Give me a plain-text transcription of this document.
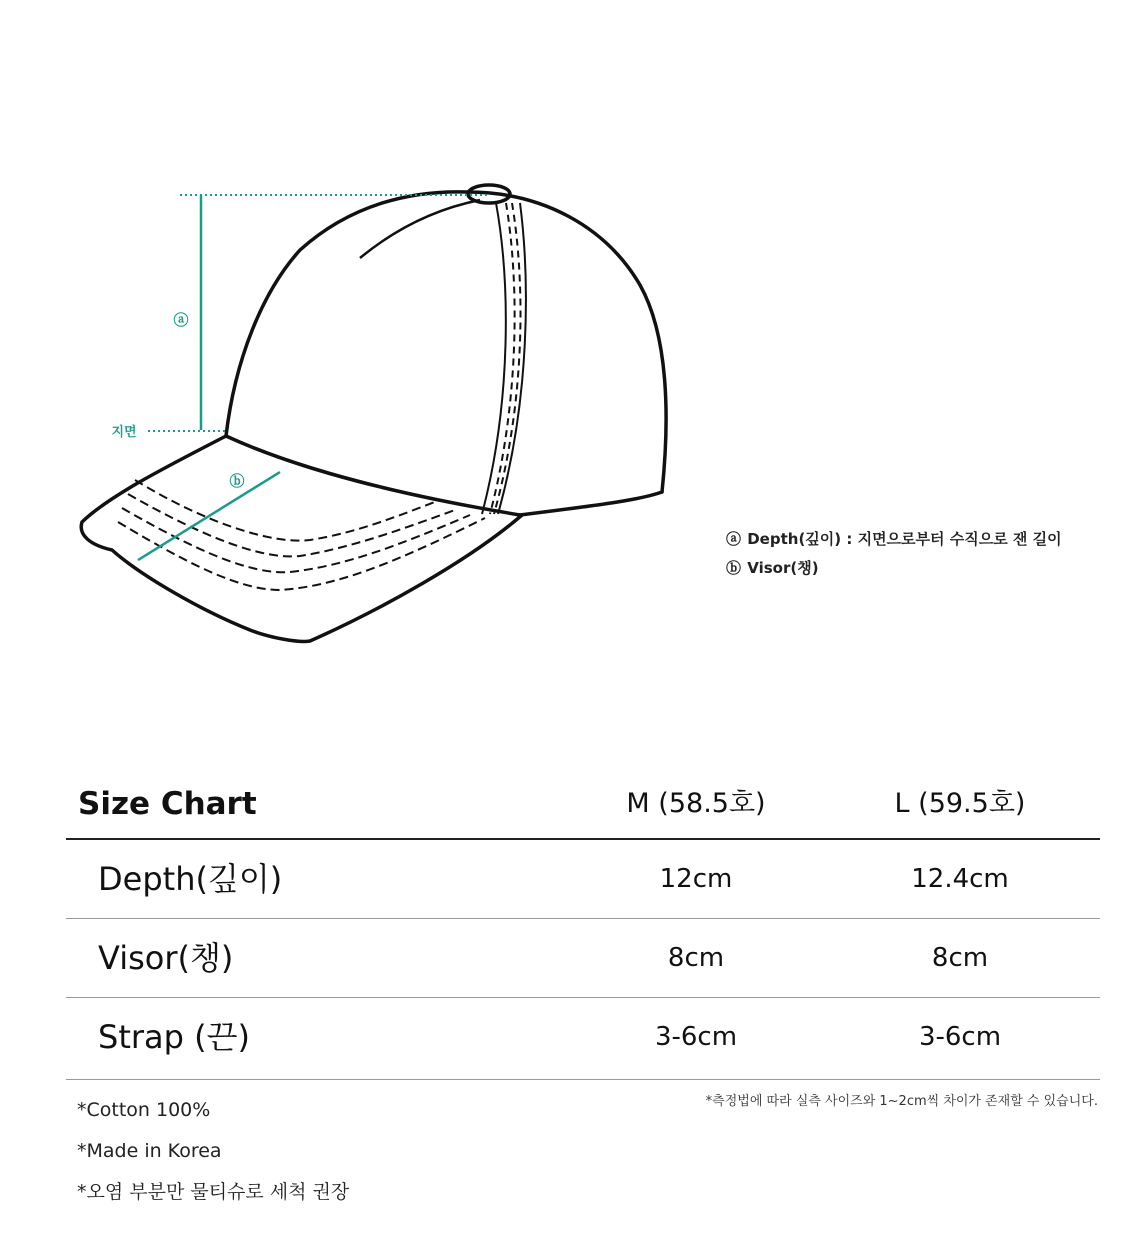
ⓐ
ⓑ
지면
ⓐ Depth(깊이) : 지면으로부터 수직으로 잰 길이
ⓑ Visor(챙)
Size Chart	M (58.5호)	L (59.5호)
Depth(깊이)	12cm	12.4cm
Visor(챙)	8cm	8cm
Strap (끈)	3-6cm	3-6cm
*Cotton 100%
*Made in Korea
*오염 부분만 물티슈로 세척 권장
*측정법에 따라 실측 사이즈와 1~2cm씩 차이가 존재할 수 있습니다.
